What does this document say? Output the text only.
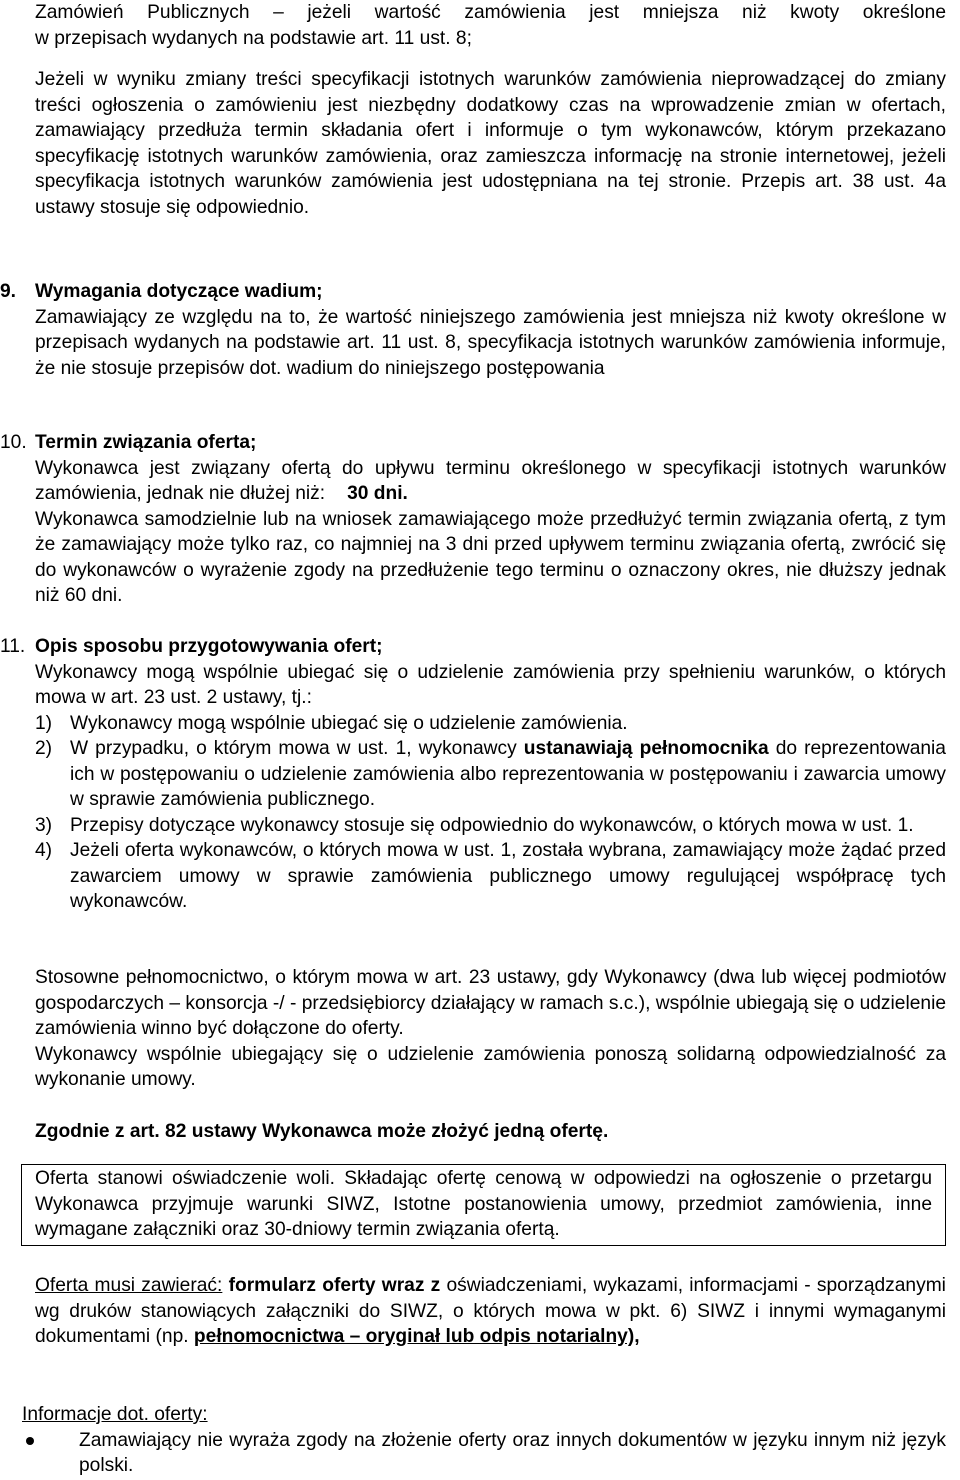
Zamówień Publicznych – jeżeli wartość zamówienia jest mniejsza niż kwoty określone

w przepisach wydanych na podstawie art. 11 ust. 8;

Jeżeli w wyniku zmiany treści specyfikacji istotnych warunków zamówienia nieprowadzącej do zmiany treści ogłoszenia o zamówieniu jest niezbędny dodatkowy czas na wprowadzenie zmian w ofertach, zamawiający przedłuża termin składania ofert i informuje o tym wykonawców, którym przekazano specyfikację istotnych warunków zamówienia, oraz zamieszcza informację na stronie internetowej, jeżeli specyfikacja istotnych warunków zamówienia jest udostępniana na tej stronie. Przepis art. 38 ust. 4a ustawy stosuje się odpowiednio.

9. Wymagania dotyczące wadium;

Zamawiający ze względu na to, że wartość niniejszego zamówienia jest mniejsza niż kwoty określone w przepisach wydanych na podstawie art. 11 ust. 8, specyfikacja istotnych warunków zamówienia informuje, że nie stosuje przepisów dot. wadium do niniejszego postępowania

10. Termin związania oferta;

Wykonawca jest związany ofertą do upływu terminu określonego w specyfikacji istotnych warunków zamówienia, jednak nie dłużej niż: 30 dni.

Wykonawca samodzielnie lub na wniosek zamawiającego może przedłużyć termin związania ofertą, z tym że zamawiający może tylko raz, co najmniej na 3 dni przed upływem terminu związania ofertą, zwrócić się do wykonawców o wyrażenie zgody na przedłużenie tego terminu o oznaczony okres, nie dłuższy jednak niż 60 dni.

11. Opis sposobu przygotowywania ofert;

Wykonawcy mogą wspólnie ubiegać się o udzielenie zamówienia przy spełnieniu warunków, o których mowa w art. 23 ust. 2 ustawy, tj.:

1) Wykonawcy mogą wspólnie ubiegać się o udzielenie zamówienia.

2) W przypadku, o którym mowa w ust. 1, wykonawcy ustanawiają pełnomocnika do reprezentowania ich w postępowaniu o udzielenie zamówienia albo reprezentowania w postępowaniu i zawarcia umowy w sprawie zamówienia publicznego.

3) Przepisy dotyczące wykonawcy stosuje się odpowiednio do wykonawców, o których mowa w ust. 1.

4) Jeżeli oferta wykonawców, o których mowa w ust. 1, została wybrana, zamawiający może żądać przed zawarciem umowy w sprawie zamówienia publicznego umowy regulującej współpracę tych wykonawców.

Stosowne pełnomocnictwo, o którym mowa w art. 23 ustawy, gdy Wykonawcy (dwa lub więcej podmiotów gospodarczych – konsorcja -/ - przedsiębiorcy działający w ramach s.c.), wspólnie ubiegają się o udzielenie zamówienia winno być dołączone do oferty.

Wykonawcy wspólnie ubiegający się o udzielenie zamówienia ponoszą solidarną odpowiedzialność za wykonanie umowy.

Zgodnie z art. 82 ustawy Wykonawca może złożyć jedną ofertę.

Oferta stanowi oświadczenie woli. Składając ofertę cenową w odpowiedzi na ogłoszenie o przetargu Wykonawca przyjmuje warunki SIWZ, Istotne postanowienia umowy, przedmiot zamówienia, inne wymagane załączniki oraz 30-dniowy termin związania ofertą.

Oferta musi zawierać: formularz oferty wraz z oświadczeniami, wykazami, informacjami - sporządzanymi wg druków stanowiących załączniki do SIWZ, o których mowa w pkt. 6) SIWZ i innymi wymaganymi dokumentami (np. pełnomocnictwa – oryginał lub odpis notarialny),

Informacje dot. oferty:

Zamawiający nie wyraża zgody na złożenie oferty oraz innych dokumentów w języku innym niż język polski.
